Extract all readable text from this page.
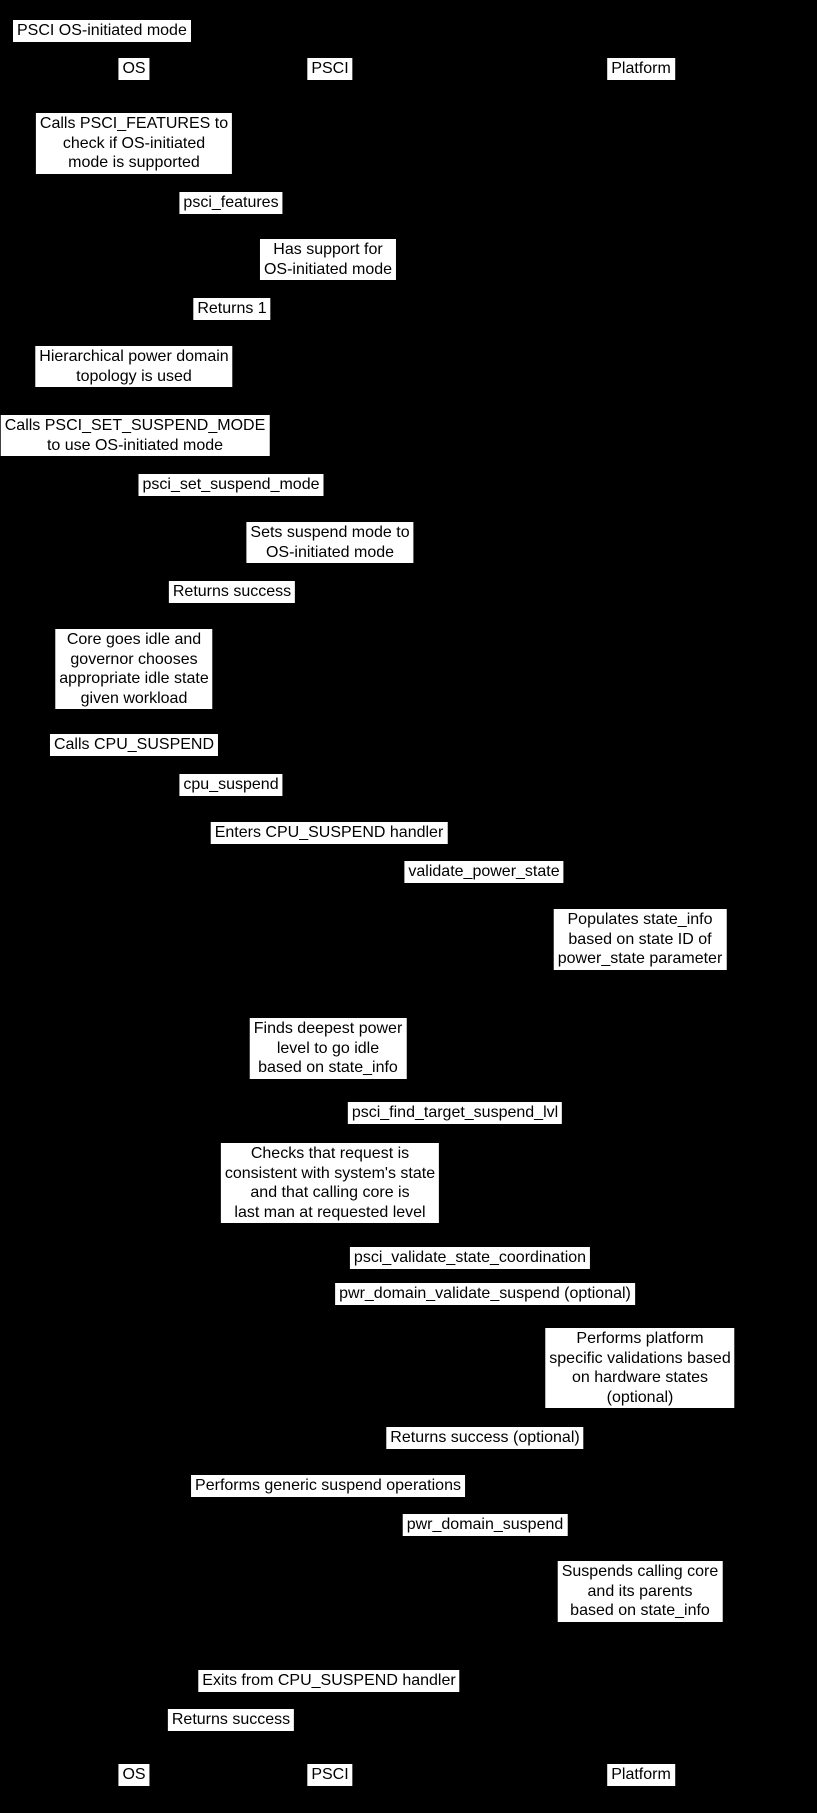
PSCI OS-initiated mode
OS	PSCI	Platform
OS	PSCI	Platform
Calls PSCI_FEATURES to
check if OS-initiated
mode is supported
psci_features
Has support for
OS-initiated mode
Returns 1
Hierarchical power domain
topology is used
Calls PSCI_SET_SUSPEND_MODE
to use OS-initiated mode
psci_set_suspend_mode
Sets suspend mode to
OS-initiated mode
Returns success
Core goes idle and
governor chooses
appropriate idle state
given workload
Calls CPU_SUSPEND
cpu_suspend
Enters CPU_SUSPEND handler
validate_power_state
Populates state_info
based on state ID of
power_state parameter
Finds deepest power
level to go idle
based on state_info
psci_find_target_suspend_lvl
Checks that request is
consistent with system's state
and that calling core is
last man at requested level
psci_validate_state_coordination
pwr_domain_validate_suspend (optional)
Performs platform
specific validations based
on hardware states
(optional)
Returns success (optional)
Performs generic suspend operations
pwr_domain_suspend
Suspends calling core
and its parents
based on state_info
Exits from CPU_SUSPEND handler
Returns success
